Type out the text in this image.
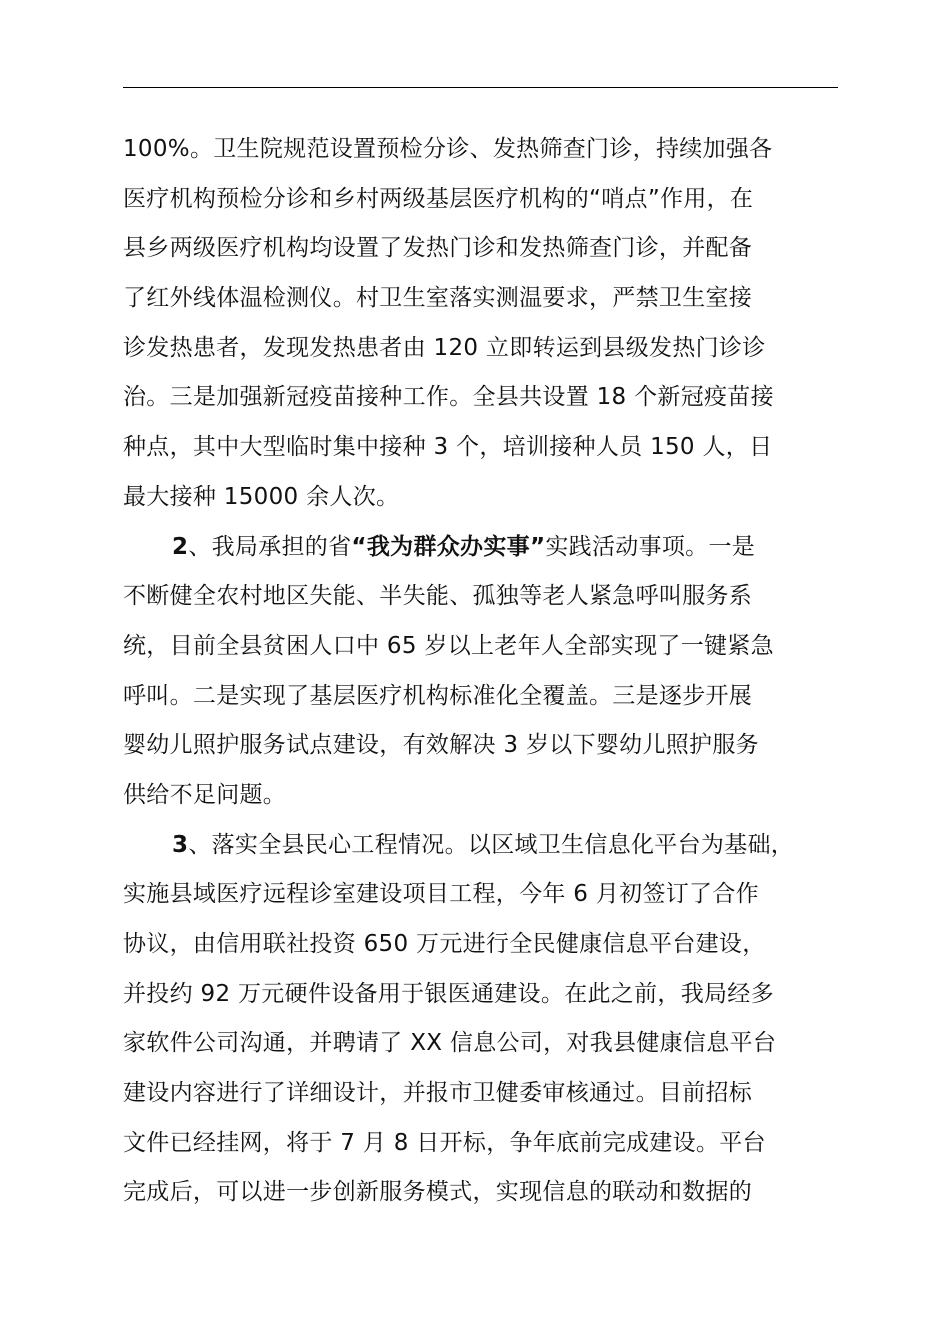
100%。卫生院规范设置预检分诊、发热筛查门诊，持续加强各
医疗机构预检分诊和乡村两级基层医疗机构的“哨点”作用，在
县乡两级医疗机构均设置了发热门诊和发热筛查门诊，并配备
了红外线体温检测仪。村卫生室落实测温要求，严禁卫生室接
诊发热患者，发现发热患者由 120 立即转运到县级发热门诊诊
治。三是加强新冠疫苗接种工作。全县共设置 18 个新冠疫苗接
种点，其中大型临时集中接种 3 个，培训接种人员 150 人，日
最大接种 15000 余人次。
2、我局承担的省“我为群众办实事”实践活动事项。一是
不断健全农村地区失能、半失能、孤独等老人紧急呼叫服务系
统，目前全县贫困人口中 65 岁以上老年人全部实现了一键紧急
呼叫。二是实现了基层医疗机构标准化全覆盖。三是逐步开展
婴幼儿照护服务试点建设，有效解决 3 岁以下婴幼儿照护服务
供给不足问题。
3、落实全县民心工程情况。以区域卫生信息化平台为基础，
实施县域医疗远程诊室建设项目工程，今年 6 月初签订了合作
协议，由信用联社投资 650 万元进行全民健康信息平台建设，
并投约 92 万元硬件设备用于银医通建设。在此之前，我局经多
家软件公司沟通，并聘请了 XX 信息公司，对我县健康信息平台
建设内容进行了详细设计，并报市卫健委审核通过。目前招标
文件已经挂网，将于 7 月 8 日开标，争年底前完成建设。平台
完成后，可以进一步创新服务模式，实现信息的联动和数据的
